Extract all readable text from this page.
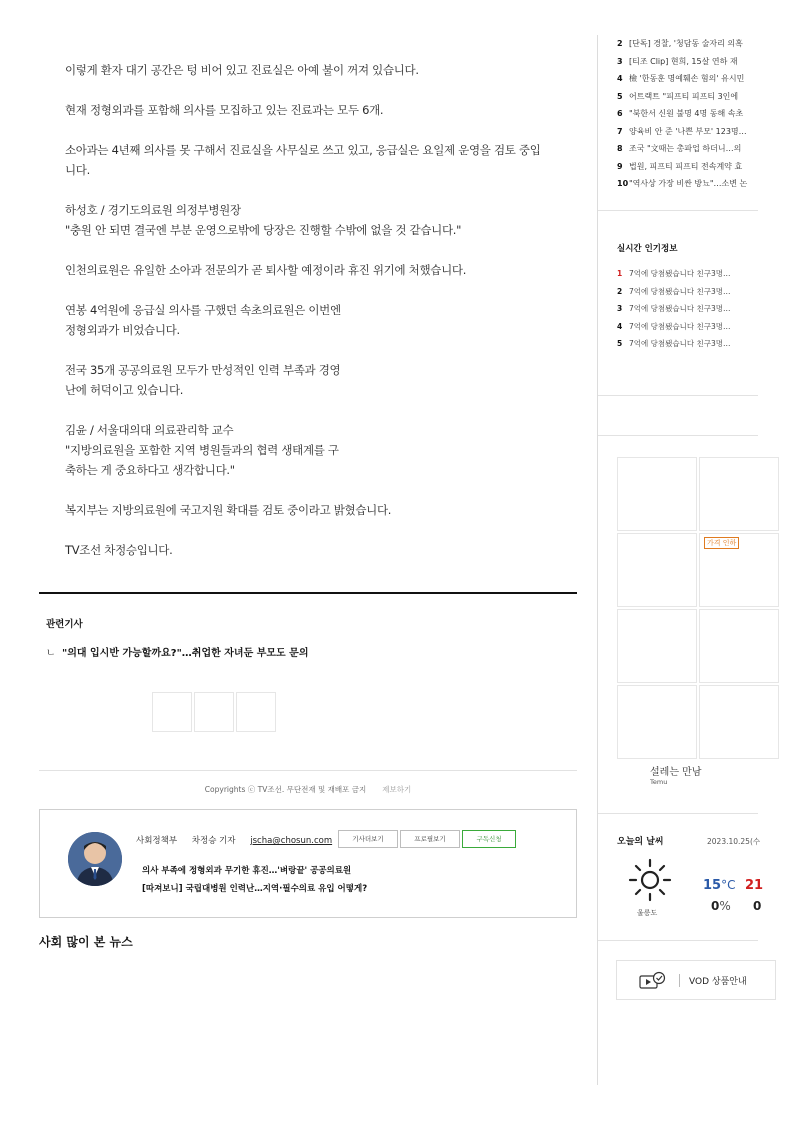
이렇게 환자 대기 공간은 텅 비어 있고 진료실은 아예 불이 꺼져 있습니다.

현재 정형외과를 포함해 의사를 모집하고 있는 진료과는 모두 6개.

소아과는 4년째 의사를 못 구해서 진료실을 사무실로 쓰고 있고, 응급실은 요일제 운영을 검토 중입
니다.

하성호 / 경기도의료원 의정부병원장
"충원 안 되면 결국엔 부분 운영으로밖에 당장은 진행할 수밖에 없을 것 같습니다."

인천의료원은 유일한 소아과 전문의가 곧 퇴사할 예정이라 휴진 위기에 처했습니다.

연봉 4억원에 응급실 의사를 구했던 속초의료원은 이번엔
정형외과가 비었습니다.

전국 35개 공공의료원 모두가 만성적인 인력 부족과 경영
난에 허덕이고 있습니다.

김윤 / 서울대의대 의료관리학 교수
"지방의료원을 포함한 지역 병원들과의 협력 생태계를 구
축하는 게 중요하다고 생각합니다."

복지부는 지방의료원에 국고지원 확대를 검토 중이라고 밝혔습니다.

TV조선 차정승입니다.

관련기사
ㄴ "의대 입시반 가능할까요?"…취업한 자녀둔 부모도 문의
Copyrights ⓒ TV조선. 무단전재 및 재배포 금지 제보하기
사회정책부 차정승 기자 jscha@chosun.com	기사더보기	프로필보기	구독신청
의사 부족에 정형외과 무기한 휴진…'벼랑끝' 공공의료원
[따져보니] 국립대병원 인력난…지역·필수의료 유입 어떻게?
사회 많이 본 뉴스
2 [단독] 경찰, '청담동 술자리 의혹
3 [티조 Clip] 현희, 15살 연하 재
4 檢 '한동훈 명예훼손 혐의' 유시민
5 어트랙트 "피프티 피프티 3인에
6 "북한서 신원 불명 4명 동해 속초
7 양육비 안 준 '나쁜 부모' 123명…
8 조국 "文때는 총파업 하더니…의
9 법원, 피프티 피프티 전속계약 효
10"역사상 가장 비싼 방뇨"…소변 논
실시간 인기정보
1 7억에 당첨됐습니다 친구3명…
2 7억에 당첨됐습니다 친구3명…
3 7억에 당첨됐습니다 친구3명…
4 7억에 당첨됐습니다 친구3명…
5 7억에 당첨됐습니다 친구3명…
가격 인하
설레는 만남
Temu
오늘의 날씨	2023.10.25(수
울릉도
15°C 21
0% 0
VOD 상품안내
